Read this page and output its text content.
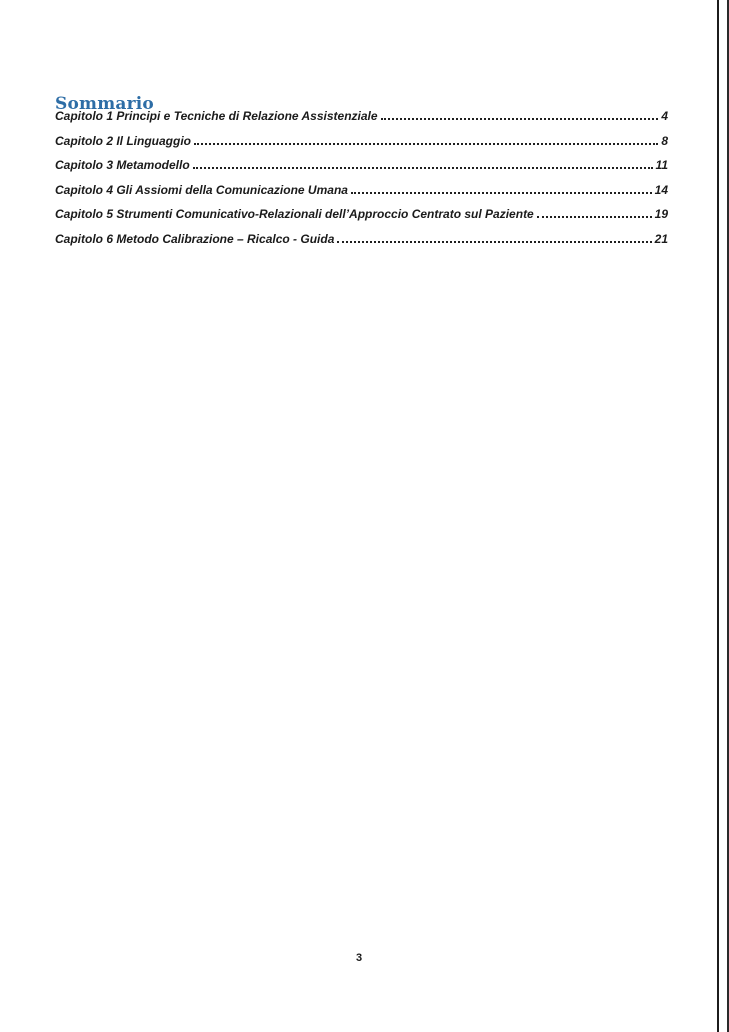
Sommario
Capitolo 1 Principi e Tecniche di Relazione Assistenziale	4
Capitolo 2 Il Linguaggio	8
Capitolo 3 Metamodello	11
Capitolo 4 Gli Assiomi della Comunicazione Umana	14
Capitolo 5 Strumenti Comunicativo-Relazionali dell’Approccio Centrato sul Paziente	19
Capitolo 6 Metodo Calibrazione – Ricalco - Guida	21
3
